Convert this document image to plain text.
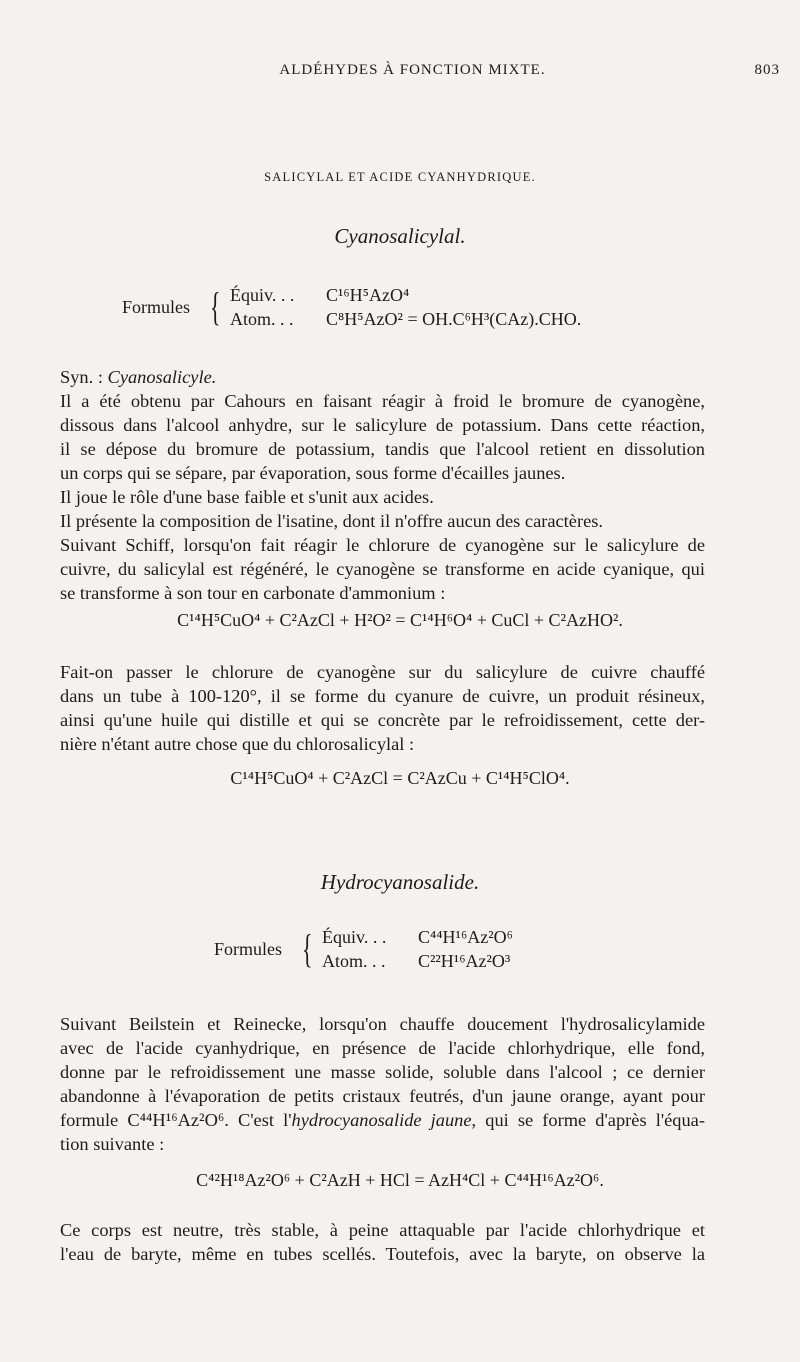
ALDÉHYDES À FONCTION MIXTE.	803
SALICYLAL ET ACIDE CYANHYDRIQUE.
Cyanosalicylal.
Formules { Équiv. . . C¹⁶H⁵AzO⁴
Atom. . . C⁸H⁵AzO² = OH.C⁶H³(CAz).CHO.
Syn. : Cyanosalicyle.
Il a été obtenu par Cahours en faisant réagir à froid le bromure de cyanogène,
dissous dans l'alcool anhydre, sur le salicylure de potassium. Dans cette réaction,
il se dépose du bromure de potassium, tandis que l'alcool retient en dissolution
un corps qui se sépare, par évaporation, sous forme d'écailles jaunes.
Il joue le rôle d'une base faible et s'unit aux acides.
Il présente la composition de l'isatine, dont il n'offre aucun des caractères.
Suivant Schiff, lorsqu'on fait réagir le chlorure de cyanogène sur le salicylure de
cuivre, du salicylal est régénéré, le cyanogène se transforme en acide cyanique, qui
se transforme à son tour en carbonate d'ammonium :
C¹⁴H⁵CuO⁴ + C²AzCl + H²O² = C¹⁴H⁶O⁴ + CuCl + C²AzHO².
Fait-on passer le chlorure de cyanogène sur du salicylure de cuivre chauffé
dans un tube à 100-120°, il se forme du cyanure de cuivre, un produit résineux,
ainsi qu'une huile qui distille et qui se concrète par le refroidissement, cette der-
nière n'étant autre chose que du chlorosalicylal :
C¹⁴H⁵CuO⁴ + C²AzCl = C²AzCu + C¹⁴H⁵ClO⁴.
Hydrocyanosalide.
Formules { Équiv. . . C⁴⁴H¹⁶Az²O⁶
Atom. . . C²²H¹⁶Az²O³
Suivant Beilstein et Reinecke, lorsqu'on chauffe doucement l'hydrosalicylamide
avec de l'acide cyanhydrique, en présence de l'acide chlorhydrique, elle fond,
donne par le refroidissement une masse solide, soluble dans l'alcool ; ce dernier
abandonne à l'évaporation de petits cristaux feutrés, d'un jaune orange, ayant pour
formule C⁴⁴H¹⁶Az²O⁶. C'est l'hydrocyanosalide jaune, qui se forme d'après l'équa-
tion suivante :
C⁴²H¹⁸Az²O⁶ + C²AzH + HCl = AzH⁴Cl + C⁴⁴H¹⁶Az²O⁶.
Ce corps est neutre, très stable, à peine attaquable par l'acide chlorhydrique et
l'eau de baryte, même en tubes scellés. Toutefois, avec la baryte, on observe la
